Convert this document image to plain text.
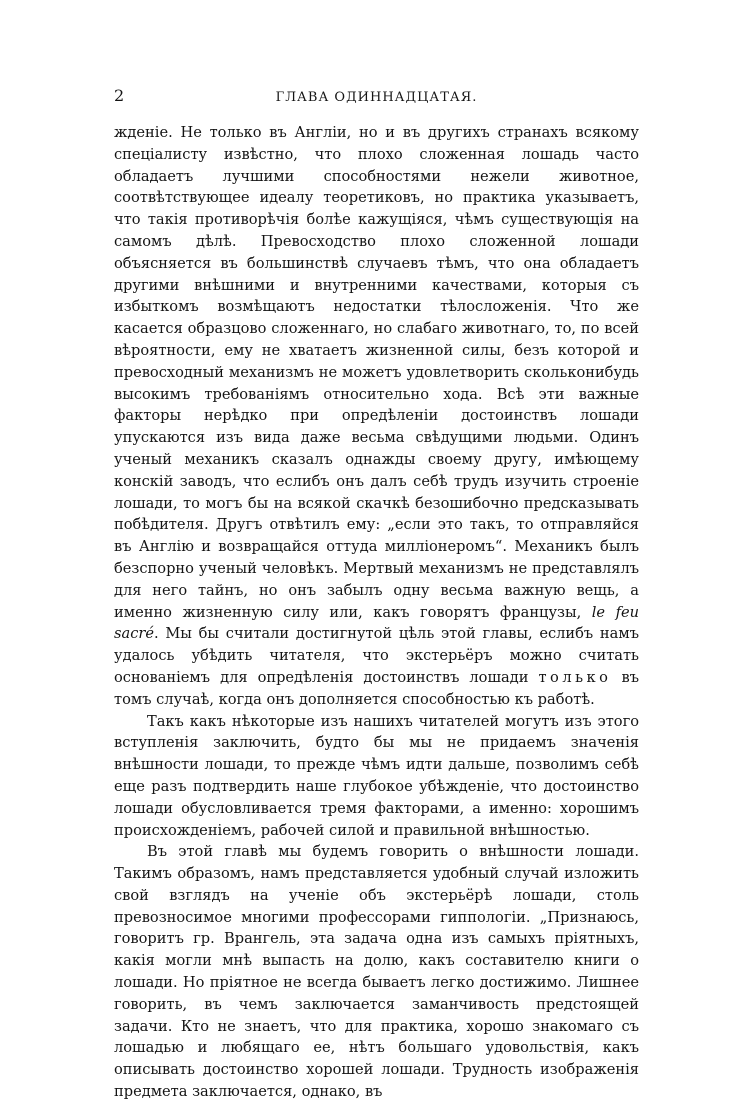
2	ГЛАВА ОДИННАДЦАТАЯ.

жденiе. Не только въ Англiи, но и въ другихъ странахъ всякому спецiалисту извѣстно, что плохо сложенная лошадь часто обладаетъ лучшими способностями нежели животное, соотвѣтствующее идеалу теоретиковъ, но практика указываетъ, что такiя противорѣчiя болѣе кажущiяся, чѣмъ существующiя на самомъ дѣлѣ. Превосходство плохо сложенной лошади объясняется въ большинствѣ случаевъ тѣмъ, что она обладаетъ другими внѣшними и внутренними качествами, которыя съ избыткомъ возмѣщаютъ недостатки тѣлосложенiя. Что же касается образцово сложеннаго, но слабаго животнаго, то, по всей вѣроятности, ему не хватаетъ жизненной силы, безъ которой и превосходный механизмъ не можетъ удовлетворить скольконибудь высокимъ требованiямъ относительно хода. Всѣ эти важные факторы нерѣдко при опредѣленiи достоинствъ лошади упускаются изъ вида даже весьма свѣдущими людьми. Одинъ ученый механикъ сказалъ однажды своему другу, имѣющему конскiй заводъ, что еслибъ онъ далъ себѣ трудъ изучить строенiе лошади, то могъ бы на всякой скачкѣ безошибочно предсказывать побѣдителя. Другъ отвѣтилъ ему: „если это такъ, то отправляйся въ Англiю и возвращайся оттуда миллiонеромъ“. Механикъ былъ безспорно ученый человѣкъ. Мертвый механизмъ не представлялъ для него тайнъ, но онъ забылъ одну весьма важную вещь, а именно жизненную силу или, какъ говорятъ французы, le feu sacré. Мы бы считали достигнутой цѣль этой главы, еслибъ намъ удалось убѣдить читателя, что экстерьёръ можно считать основанiемъ для опредѣленiя достоинствъ лошади только въ томъ случаѣ, когда онъ дополняется способностью къ работѣ.

Такъ какъ нѣкоторые изъ нашихъ читателей могутъ изъ этого вступленiя заключить, будто бы мы не придаемъ значенiя внѣшности лошади, то прежде чѣмъ идти дальше, позволимъ себѣ еще разъ подтвердить наше глубокое убѣжденiе, что достоинство лошади обусловливается тремя факторами, а именно: хорошимъ происхожденiемъ, рабочей силой и правильной внѣшностью.

Въ этой главѣ мы будемъ говорить о внѣшности лошади. Такимъ образомъ, намъ представляется удобный случай изложить свой взглядъ на ученiе объ экстерьёрѣ лошади, столь превозносимое многими профессорами гиппологiи. „Признаюсь, говоритъ гр. Врангель, эта задача одна изъ самыхъ прiятныхъ, какiя могли мнѣ выпасть на долю, какъ составителю книги о лошади. Но прiятное не всегда бываетъ легко достижимо. Лишнее говорить, въ чемъ заключается заманчивость предстоящей задачи. Кто не знаетъ, что для практика, хорошо знакомаго съ лошадью и любящаго ее, нѣтъ большаго удовольствiя, какъ описывать достоинство хорошей лошади. Трудность изображенiя предмета заключается, однако, въ
